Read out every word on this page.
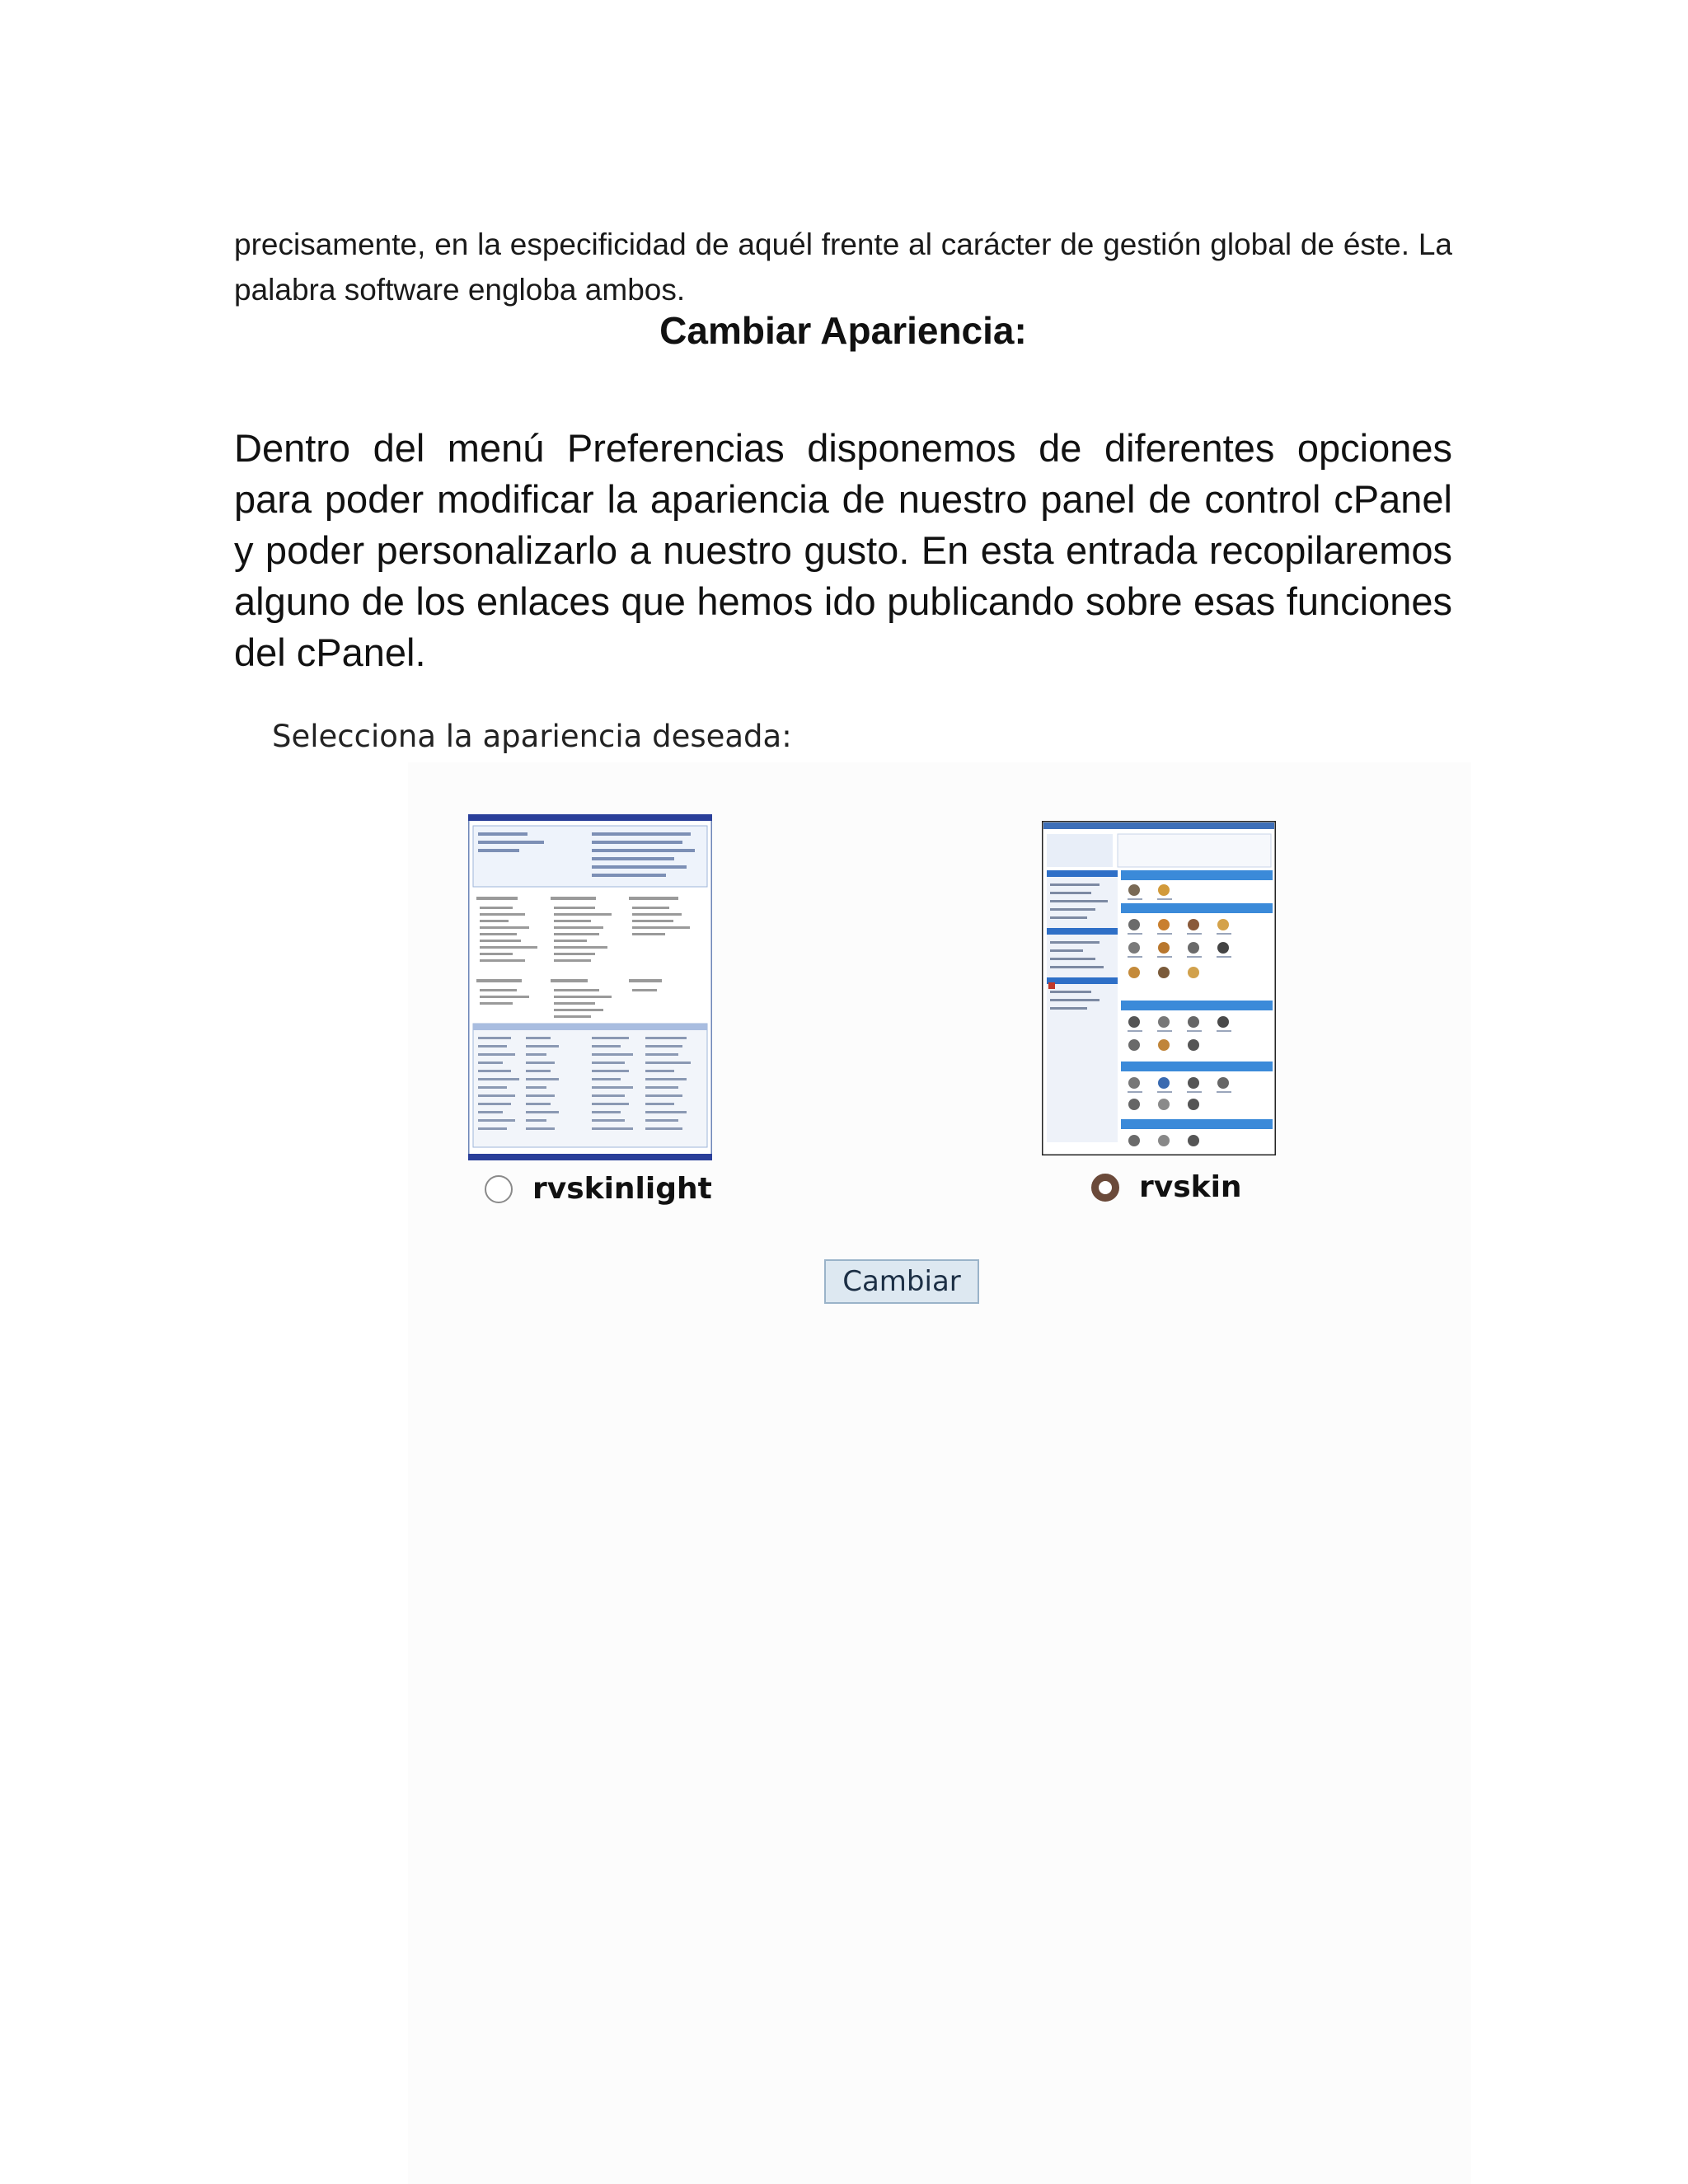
precisamente, en la especificidad de aquél frente al carácter de gestión global de éste. La palabra software engloba ambos.

Cambiar Apariencia:

Dentro del menú Preferencias disponemos de diferentes opciones para poder modificar la apariencia de nuestro panel de control cPanel y poder personalizarlo a nuestro gusto. En esta entrada recopilaremos alguno de los enlaces que hemos ido publicando sobre esas funciones del cPanel.

Selecciona la apariencia deseada:
rvskinlight	rvskin
Cambiar
